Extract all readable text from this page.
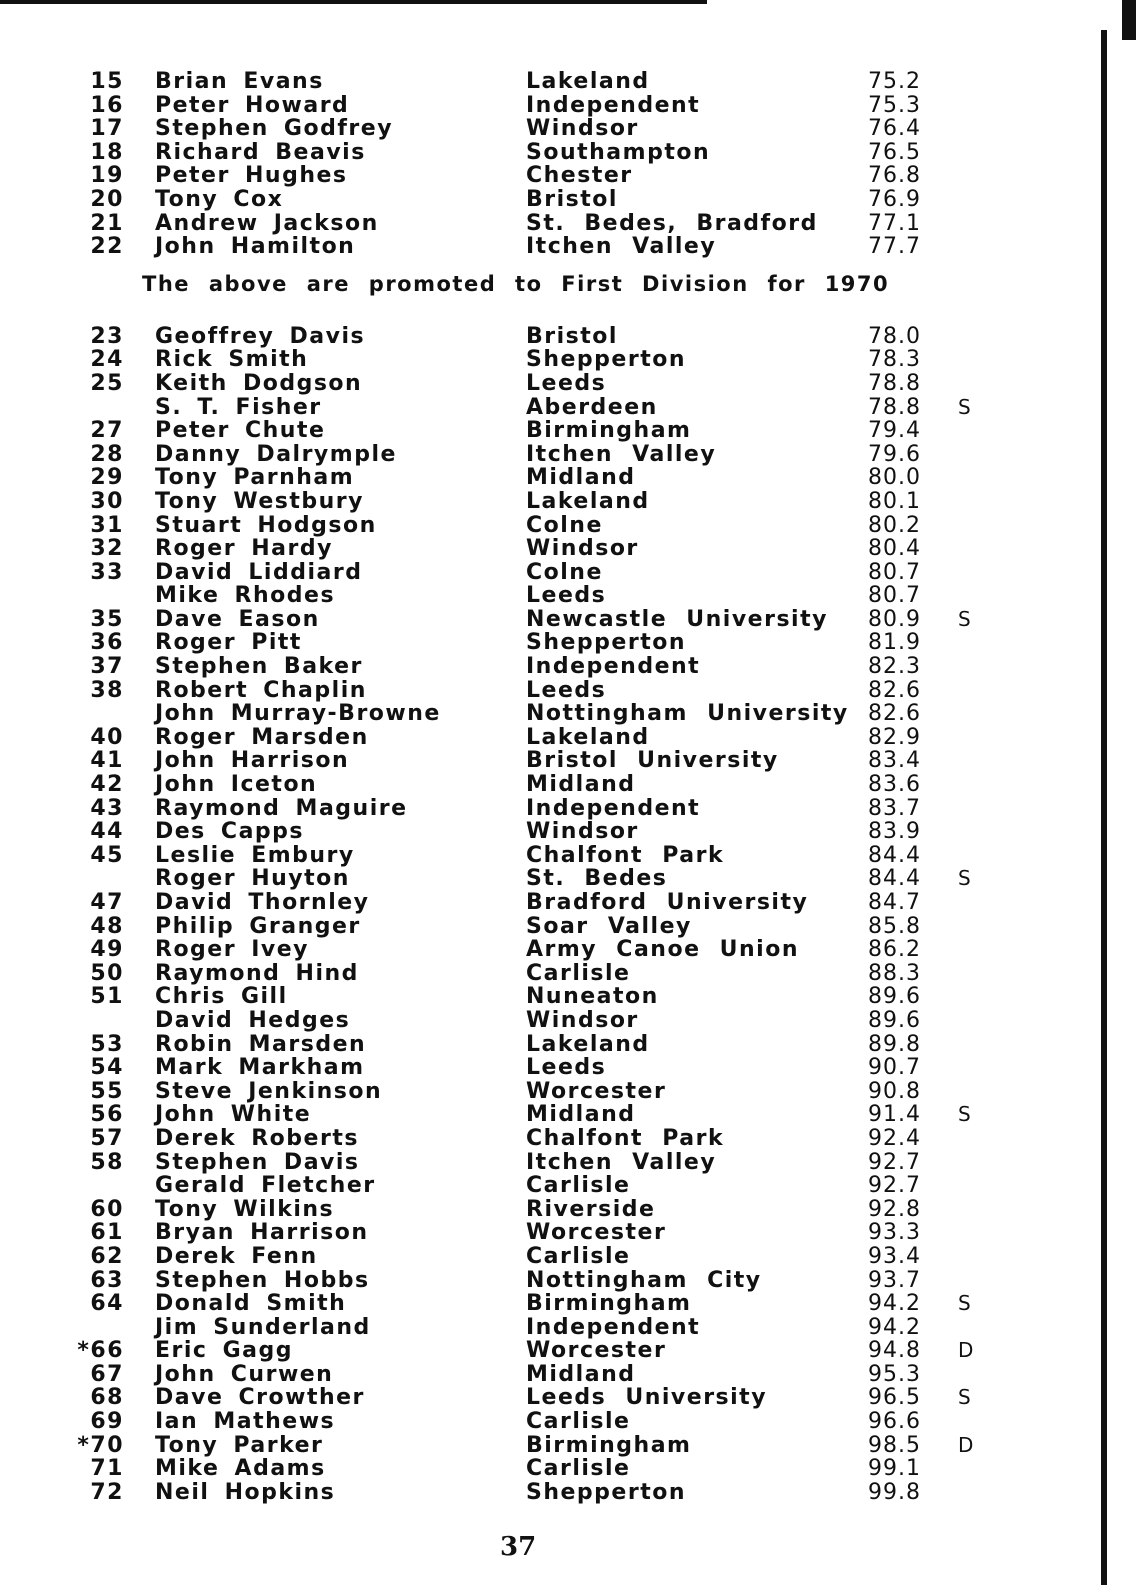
15 Brian Evans	Lakeland	75.2
16 Peter Howard	Independent	75.3
17 Stephen Godfrey	Windsor	76.4
18 Richard Beavis	Southampton	76.5
19 Peter Hughes	Chester	76.8
20 Tony Cox	Bristol	76.9
21 Andrew Jackson	St. Bedes, Bradford 77.1
22 John Hamilton	Itchen Valley	77.7
The above are promoted to First Division for 1970
23 Geoffrey Davis	Bristol	78.0
24 Rick Smith	Shepperton	78.3
25 Keith Dodgson	Leeds	78.8
S. T. Fisher	Aberdeen	78.8 S
27 Peter Chute	Birmingham	79.4
28 Danny Dalrymple	Itchen Valley	79.6
29 Tony Parnham	Midland	80.0
30 Tony Westbury	Lakeland	80.1
31 Stuart Hodgson	Colne	80.2
32 Roger Hardy	Windsor	80.4
33 David Liddiard	Colne	80.7
Mike Rhodes	Leeds	80.7
35 Dave Eason	Newcastle University 80.9 S
36 Roger Pitt	Shepperton	81.9
37 Stephen Baker	Independent	82.3
38 Robert Chaplin	Leeds	82.6
John Murray-Browne	Nottingham University 82.6
40 Roger Marsden	Lakeland	82.9
41 John Harrison	Bristol University	83.4
42 John Iceton	Midland	83.6
43 Raymond Maguire	Independent	83.7
44 Des Capps	Windsor	83.9
45 Leslie Embury	Chalfont Park	84.4
Roger Huyton	St. Bedes	84.4 S
47 David Thornley	Bradford University	84.7
48 Philip Granger	Soar Valley	85.8
49 Roger Ivey	Army Canoe Union	86.2
50 Raymond Hind	Carlisle	88.3
51 Chris Gill	Nuneaton	89.6
David Hedges	Windsor	89.6
53 Robin Marsden	Lakeland	89.8
54 Mark Markham	Leeds	90.7
55 Steve Jenkinson	Worcester	90.8
56 John White	Midland	91.4 S
57 Derek Roberts	Chalfont Park	92.4
58 Stephen Davis	Itchen Valley	92.7
Gerald Fletcher	Carlisle	92.7
60 Tony Wilkins	Riverside	92.8
61 Bryan Harrison	Worcester	93.3
62 Derek Fenn	Carlisle	93.4
63 Stephen Hobbs	Nottingham City	93.7
64 Donald Smith	Birmingham	94.2 S
Jim Sunderland	Independent	94.2
*66 Eric Gagg	Worcester	94.8 D
67 John Curwen	Midland	95.3
68 Dave Crowther	Leeds University	96.5 S
69 Ian Mathews	Carlisle	96.6
*70 Tony Parker	Birmingham	98.5 D
71 Mike Adams	Carlisle	99.1
72 Neil Hopkins	Shepperton	99.8
37
